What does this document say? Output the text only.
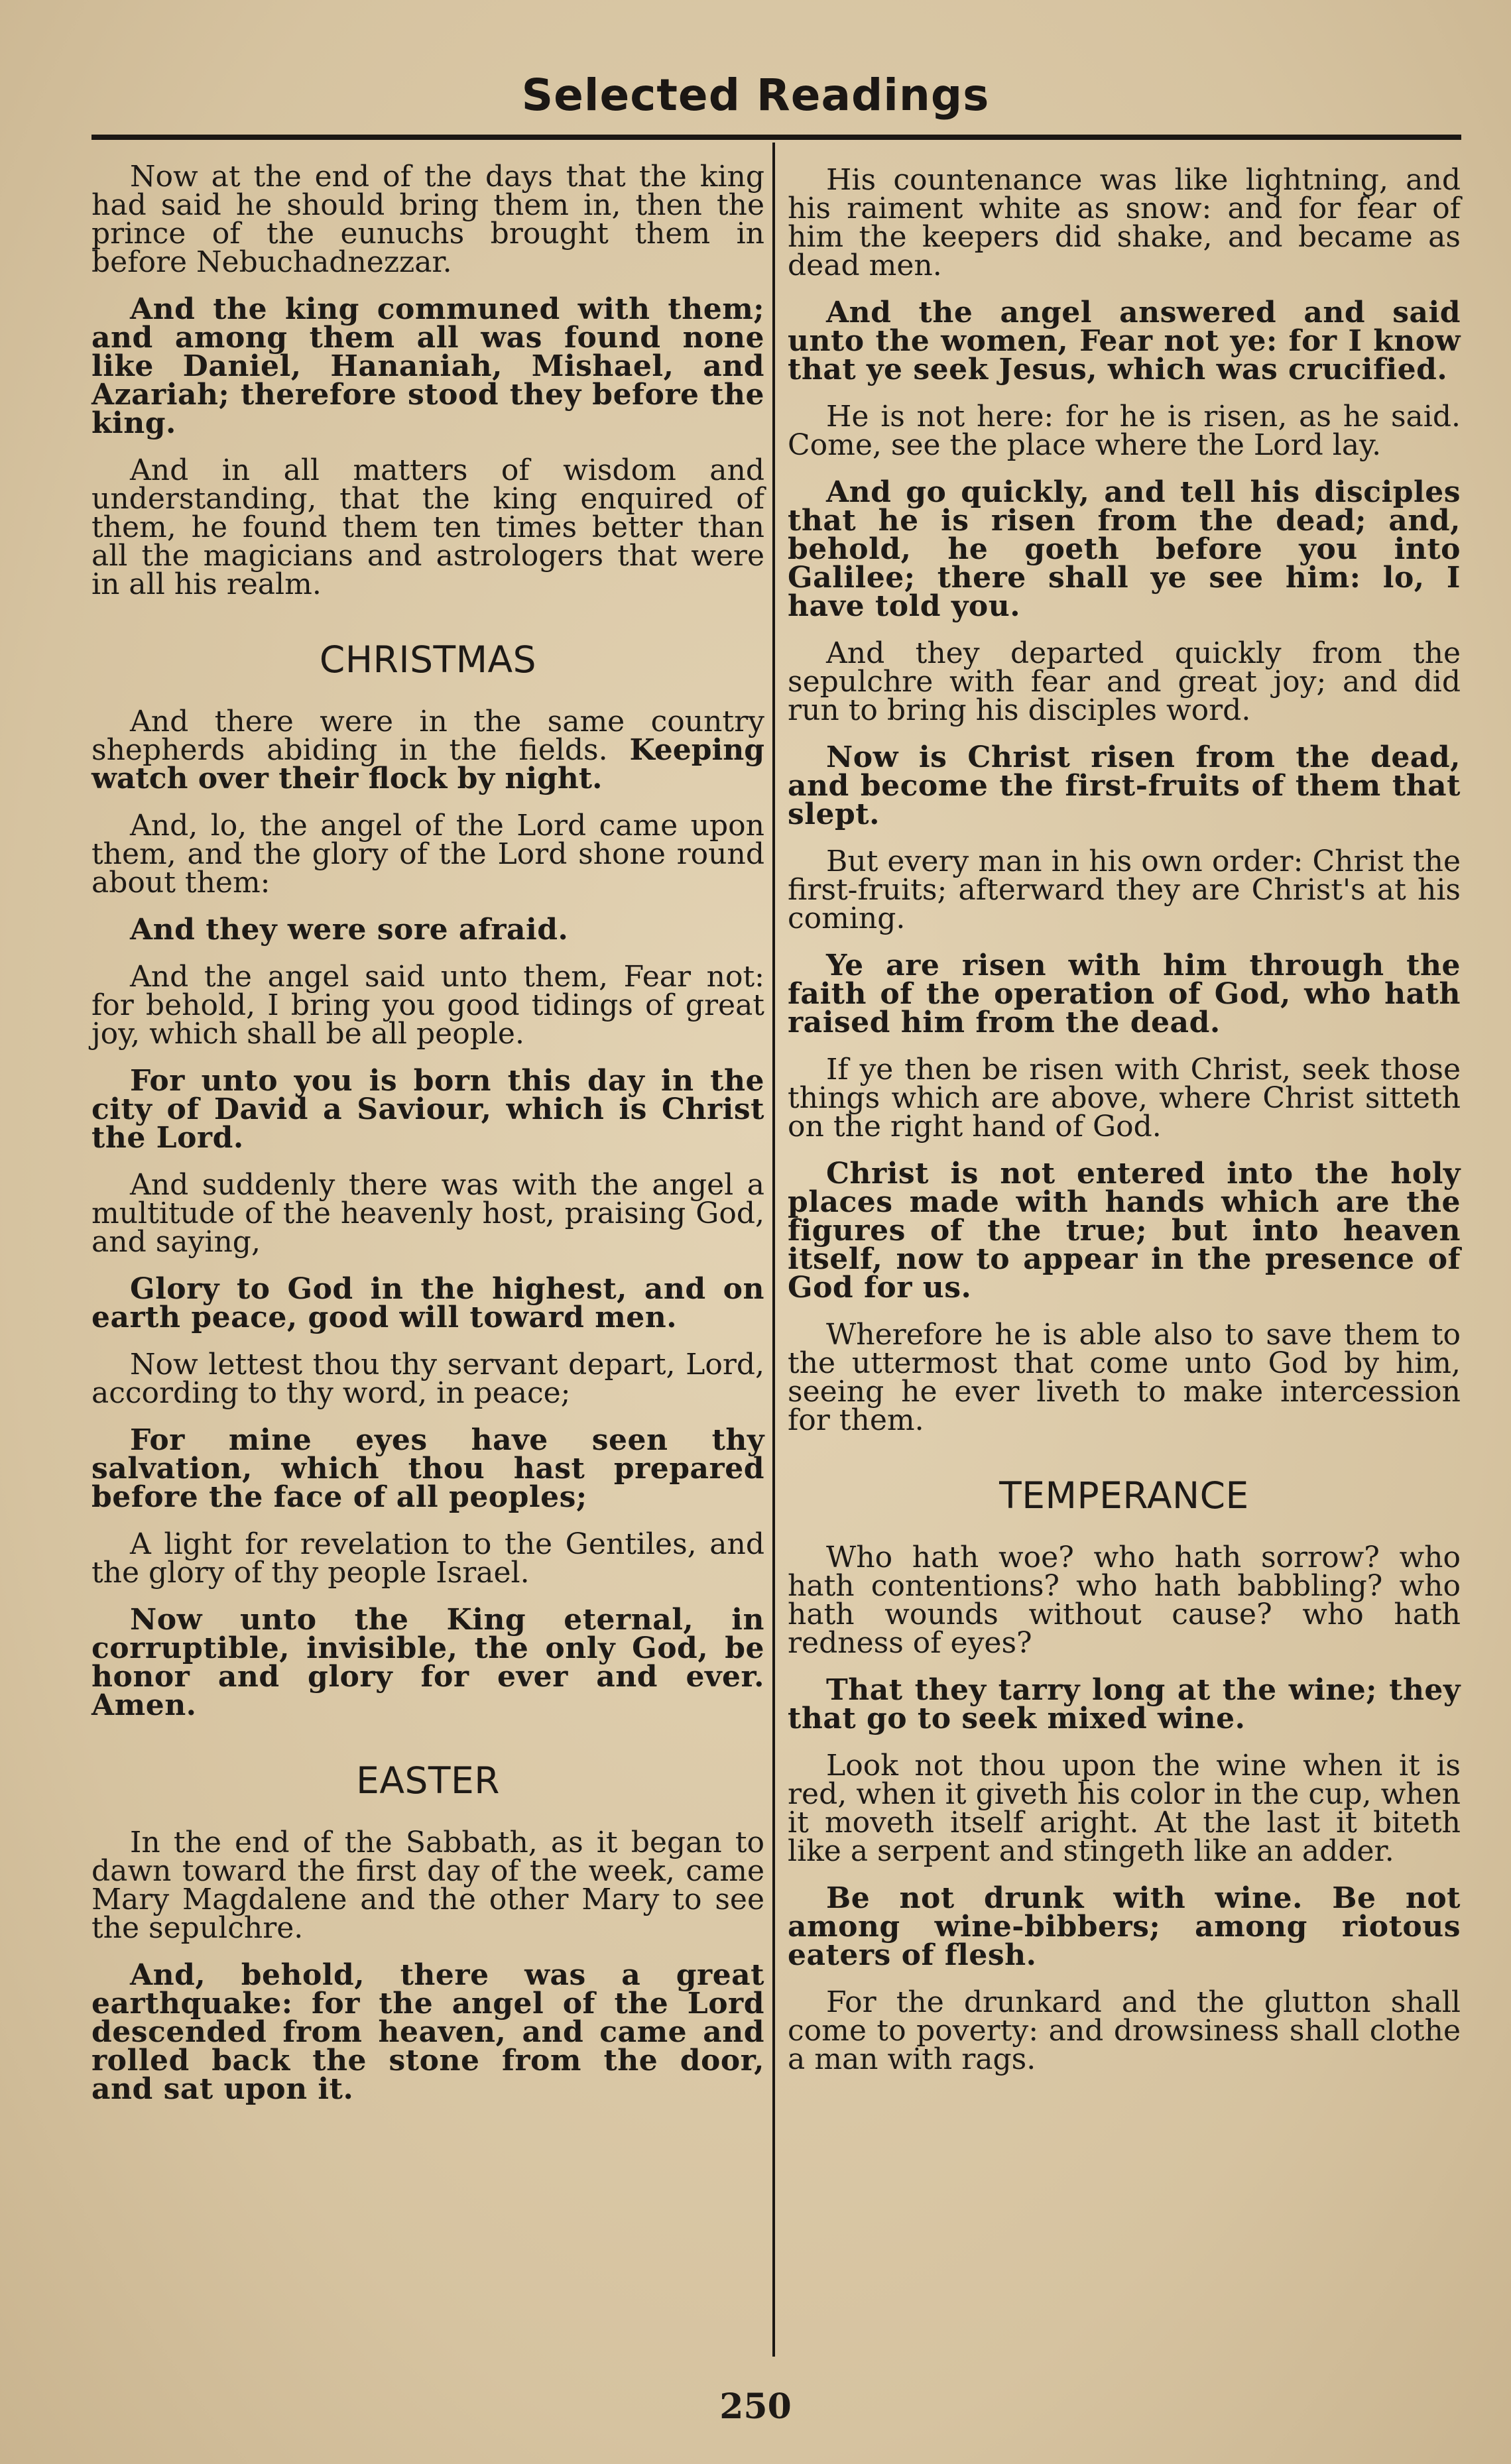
Selected Readings

Now at the end of the days that the king had said he should bring them in, then the prince of the eunuchs brought them in before Nebuchadnezzar.

And the king communed with them; and among them all was found none like Daniel, Hananiah, Mishael, and Azariah; therefore stood they before the king.

And in all matters of wisdom and understanding, that the king enquired of them, he found them ten times better than all the magicians and astrologers that were in all his realm.

CHRISTMAS

And there were in the same country shepherds abiding in the fields. Keeping watch over their flock by night.

And, lo, the angel of the Lord came upon them, and the glory of the Lord shone round about them:

And they were sore afraid.

And the angel said unto them, Fear not: for behold, I bring you good tidings of great joy, which shall be all people.

For unto you is born this day in the city of David a Saviour, which is Christ the Lord.

And suddenly there was with the angel a multitude of the heavenly host, praising God, and saying,

Glory to God in the highest, and on earth peace, good will toward men.

Now lettest thou thy servant depart, Lord, according to thy word, in peace;

For mine eyes have seen thy salvation, which thou hast prepared before the face of all peoples;

A light for revelation to the Gentiles, and the glory of thy people Israel.

Now unto the King eternal, in corruptible, invisible, the only God, be honor and glory for ever and ever. Amen.

EASTER

In the end of the Sabbath, as it began to dawn toward the first day of the week, came Mary Magdalene and the other Mary to see the sepulchre.

And, behold, there was a great earthquake: for the angel of the Lord descended from heaven, and came and rolled back the stone from the door, and sat upon it.

His countenance was like lightning, and his raiment white as snow: and for fear of him the keepers did shake, and became as dead men.

And the angel answered and said unto the women, Fear not ye: for I know that ye seek Jesus, which was crucified.

He is not here: for he is risen, as he said. Come, see the place where the Lord lay.

And go quickly, and tell his disciples that he is risen from the dead; and, behold, he goeth before you into Galilee; there shall ye see him: lo, I have told you.

And they departed quickly from the sepulchre with fear and great joy; and did run to bring his disciples word.

Now is Christ risen from the dead, and become the first-fruits of them that slept.

But every man in his own order: Christ the first-fruits; afterward they are Christ's at his coming.

Ye are risen with him through the faith of the operation of God, who hath raised him from the dead.

If ye then be risen with Christ, seek those things which are above, where Christ sitteth on the right hand of God.

Christ is not entered into the holy places made with hands which are the figures of the true; but into heaven itself, now to appear in the presence of God for us.

Wherefore he is able also to save them to the uttermost that come unto God by him, seeing he ever liveth to make intercession for them.

TEMPERANCE

Who hath woe? who hath sorrow? who hath contentions? who hath babbling? who hath wounds without cause? who hath redness of eyes?

That they tarry long at the wine; they that go to seek mixed wine.

Look not thou upon the wine when it is red, when it giveth his color in the cup, when it moveth itself aright. At the last it biteth like a serpent and stingeth like an adder.

Be not drunk with wine. Be not among wine-bibbers; among riotous eaters of flesh.

For the drunkard and the glutton shall come to poverty: and drowsiness shall clothe a man with rags.

250
